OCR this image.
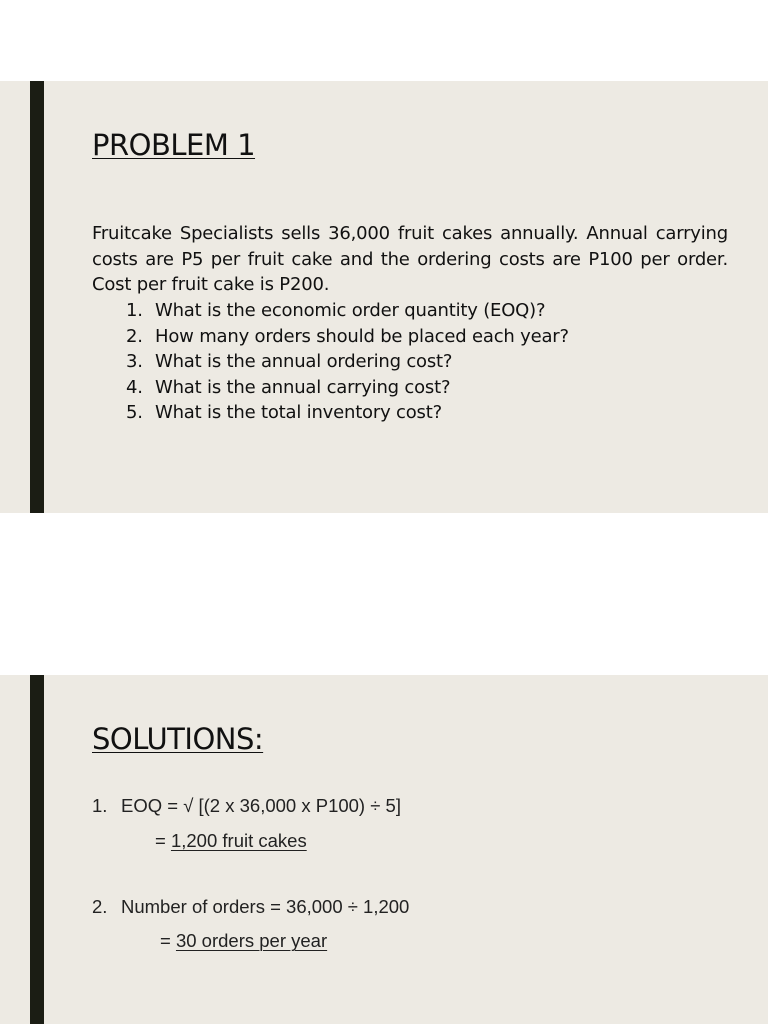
PROBLEM 1

Fruitcake Specialists sells 36,000 fruit cakes annually. Annual carrying costs are P5 per fruit cake and the ordering costs are P100 per order. Cost per fruit cake is P200.

1. What is the economic order quantity (EOQ)?
2. How many orders should be placed each year?
3. What is the annual ordering cost?
4. What is the annual carrying cost?
5. What is the total inventory cost?
SOLUTIONS:
1. EOQ = √ [(2 x 36,000 x P100) ÷ 5]
= 1,200 fruit cakes
2. Number of orders = 36,000 ÷ 1,200
= 30 orders per year
